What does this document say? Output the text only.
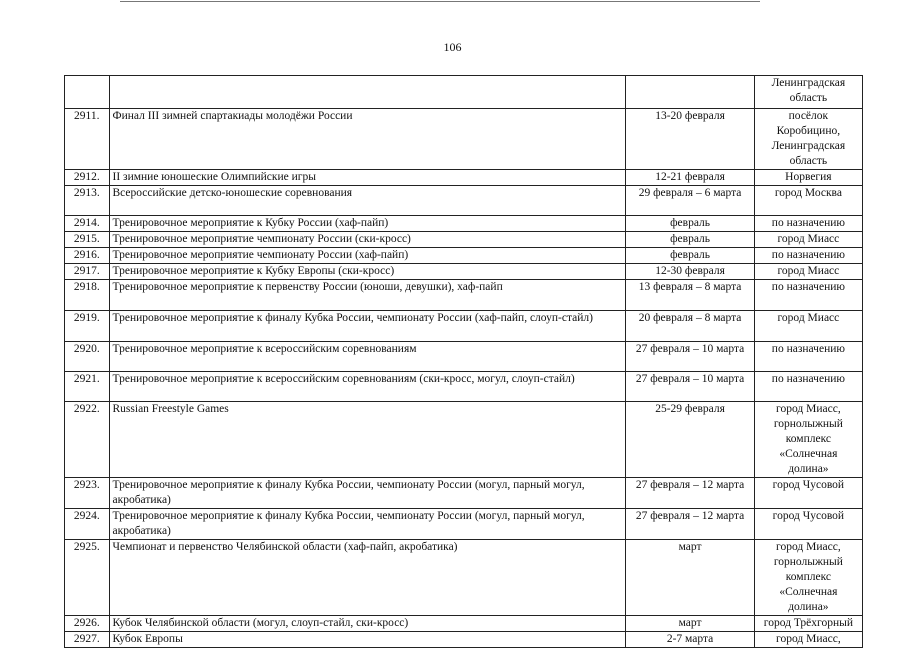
106
			Ленинградская область
2911.	Финал III зимней спартакиады молодёжи России	13-20 февраля	посёлок Коробицино, Ленинградская область
2912.	II зимние юношеские Олимпийские игры	12-21 февраля	Норвегия
2913.	Всероссийские детско-юношеские соревнования	29 февраля – 6 марта	город Москва
2914.	Тренировочное мероприятие к Кубку России (хаф-пайп)	февраль	по назначению
2915.	Тренировочное мероприятие чемпионату России (ски-кросс)	февраль	город Миасс
2916.	Тренировочное мероприятие чемпионату России (хаф-пайп)	февраль	по назначению
2917.	Тренировочное мероприятие к Кубку Европы (ски-кросс)	12-30 февраля	город Миасс
2918.	Тренировочное мероприятие к первенству России (юноши, девушки), хаф-пайп	13 февраля – 8 марта	по назначению
2919.	Тренировочное мероприятие к финалу Кубка России, чемпионату России (хаф-пайп, слоуп-стайл)	20 февраля – 8 марта	город Миасс
2920.	Тренировочное мероприятие к всероссийским соревнованиям	27 февраля – 10 марта	по назначению
2921.	Тренировочное мероприятие к всероссийским соревнованиям (ски-кросс, могул, слоуп-стайл)	27 февраля – 10 марта	по назначению
2922.	Russian Freestyle Games	25-29 февраля	город Миасс, горнолыжный комплекс «Солнечная долина»
2923.	Тренировочное мероприятие к финалу Кубка России, чемпионату России (могул, парный могул, акробатика)	27 февраля – 12 марта	город Чусовой
2924.	Тренировочное мероприятие к финалу Кубка России, чемпионату России (могул, парный могул, акробатика)	27 февраля – 12 марта	город Чусовой
2925.	Чемпионат и первенство Челябинской области (хаф-пайп, акробатика)	март	город Миасс, горнолыжный комплекс «Солнечная долина»
2926.	Кубок Челябинской области (могул, слоуп-стайл, ски-кросс)	март	город Трёхгорный
2927.	Кубок Европы	2-7 марта	город Миасс,
